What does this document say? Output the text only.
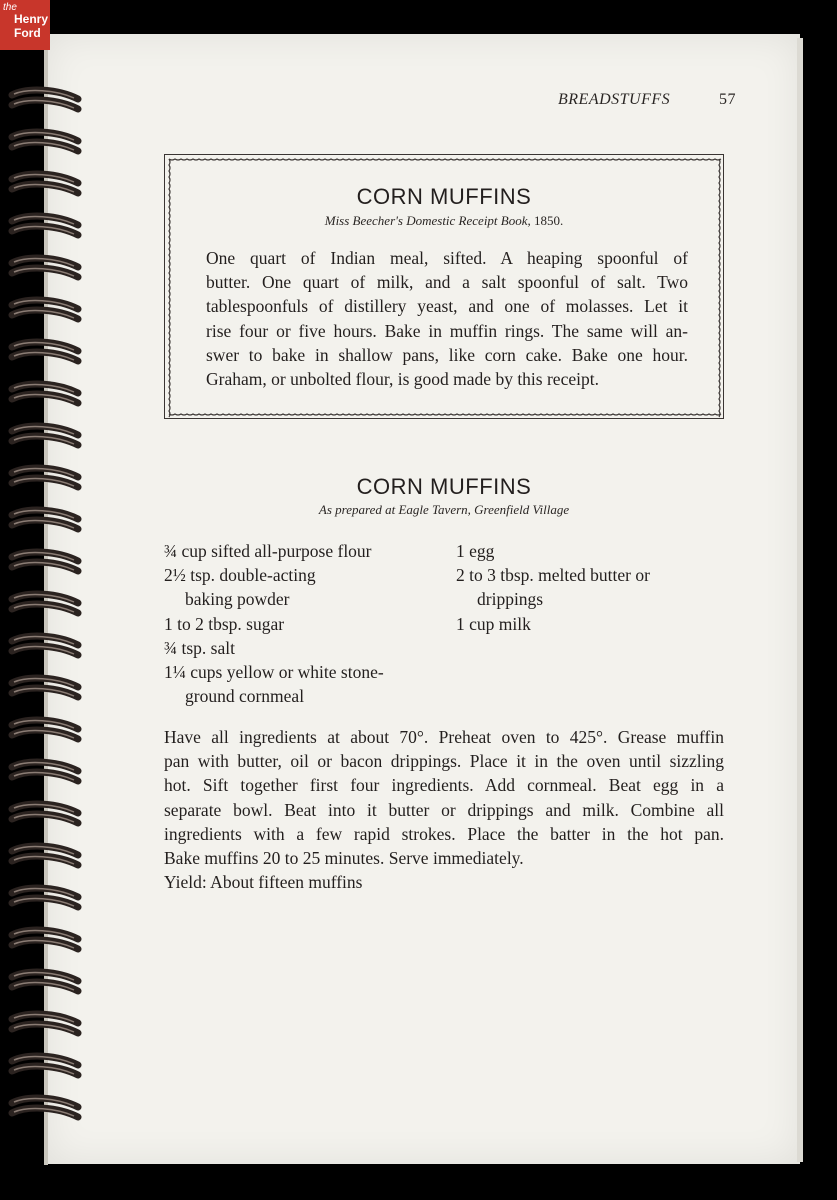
the
Henry
Ford
BREADSTUFFS	57
CORN MUFFINS
Miss Beecher's Domestic Receipt Book, 1850.
One quart of Indian meal, sifted. A heaping spoonful of
butter. One quart of milk, and a salt spoonful of salt. Two
tablespoonfuls of distillery yeast, and one of molasses. Let it
rise four or five hours. Bake in muffin rings. The same will an-
swer to bake in shallow pans, like corn cake. Bake one hour.
Graham, or unbolted flour, is good made by this receipt.
CORN MUFFINS
As prepared at Eagle Tavern, Greenfield Village
¾ cup sifted all-purpose flour
2½ tsp. double-acting
baking powder
1 to 2 tbsp. sugar
¾ tsp. salt
1¼ cups yellow or white stone-
ground cornmeal
1 egg
2 to 3 tbsp. melted butter or
drippings
1 cup milk
Have all ingredients at about 70°. Preheat oven to 425°. Grease muffin
pan with butter, oil or bacon drippings. Place it in the oven until sizzling
hot. Sift together first four ingredients. Add cornmeal. Beat egg in a
separate bowl. Beat into it butter or drippings and milk. Combine all
ingredients with a few rapid strokes. Place the batter in the hot pan.
Bake muffins 20 to 25 minutes. Serve immediately.
Yield: About fifteen muffins
